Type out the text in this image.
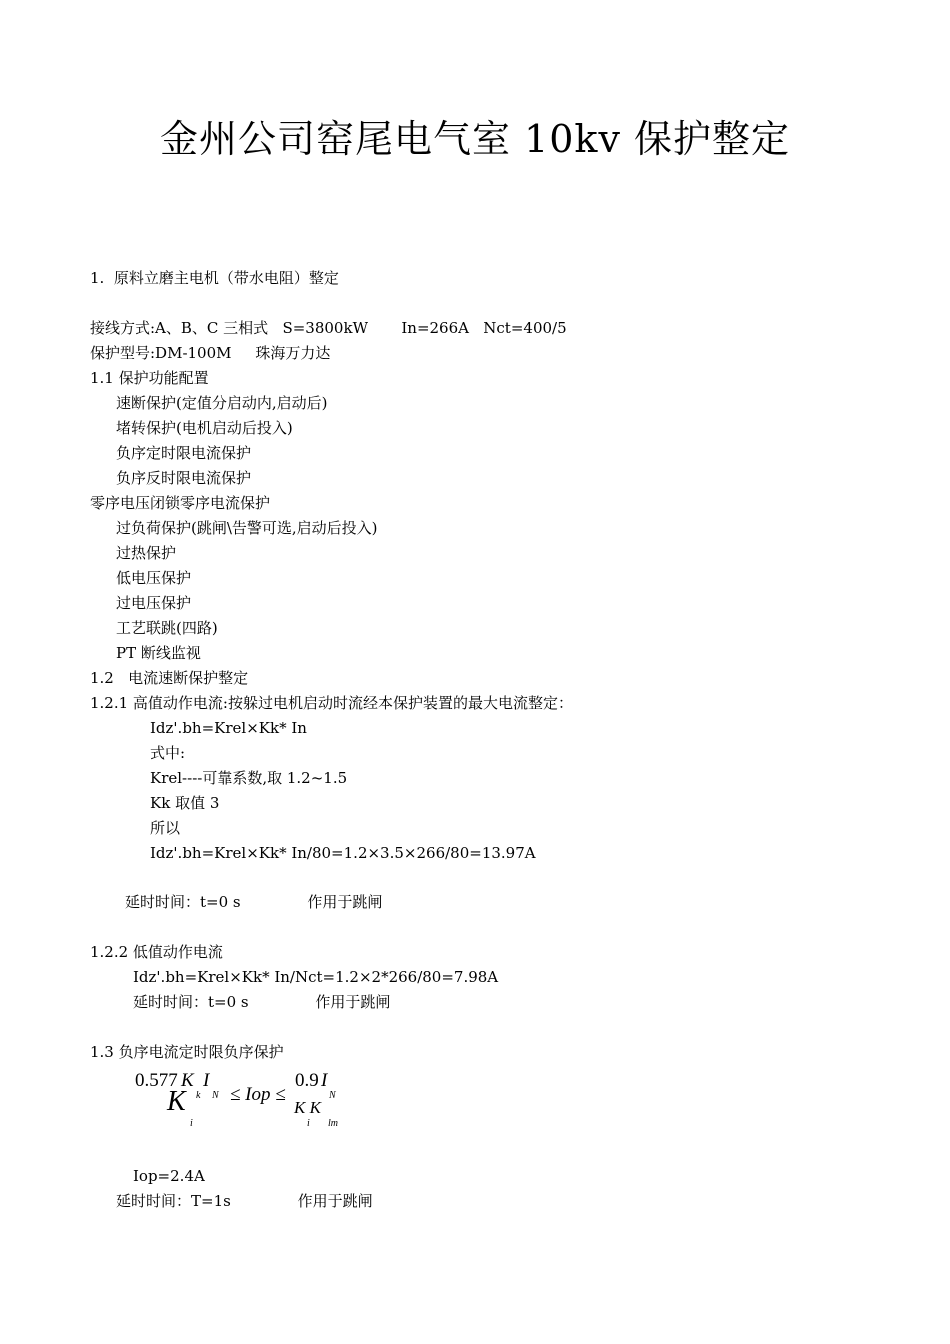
金州公司窑尾电气室 10kv 保护整定
1.  原料立磨主电机（带水电阻）整定
接线方式:A、B、C 三相式   S=3800kW       In=266A   Nct=400/5
保护型号:DM-100M     珠海万力达
1.1 保护功能配置
速断保护(定值分启动内,启动后)
堵转保护(电机启动后投入)
负序定时限电流保护
负序反时限电流保护
零序电压闭锁零序电流保护
过负荷保护(跳闸\告警可选,启动后投入)
过热保护
低电压保护
过电压保护
工艺联跳(四路)
PT 断线监视
1.2   电流速断保护整定
1.2.1 高值动作电流:按躲过电机启动时流经本保护装置的最大电流整定：
Idz'.bh=Krel×Kk* In
式中:
Krel----可靠系数,取 1.2~1.5
Kk 取值 3
所以
Idz'.bh=Krel×Kk* In/80=1.2×3.5×266/80=13.97A
延时时间：t=0 s              作用于跳闸
1.2.2 低值动作电流
Idz'.bh=Krel×Kk* In/Nct=1.2×2*266/80=7.98A
延时时间：t=0 s              作用于跳闸
1.3 负序电流定时限负序保护
Iop=2.4A
延时时间：T=1s              作用于跳闸
0.577 K I
K k N ≤ Iop ≤
0.9 I
N
K K
i	i lm
